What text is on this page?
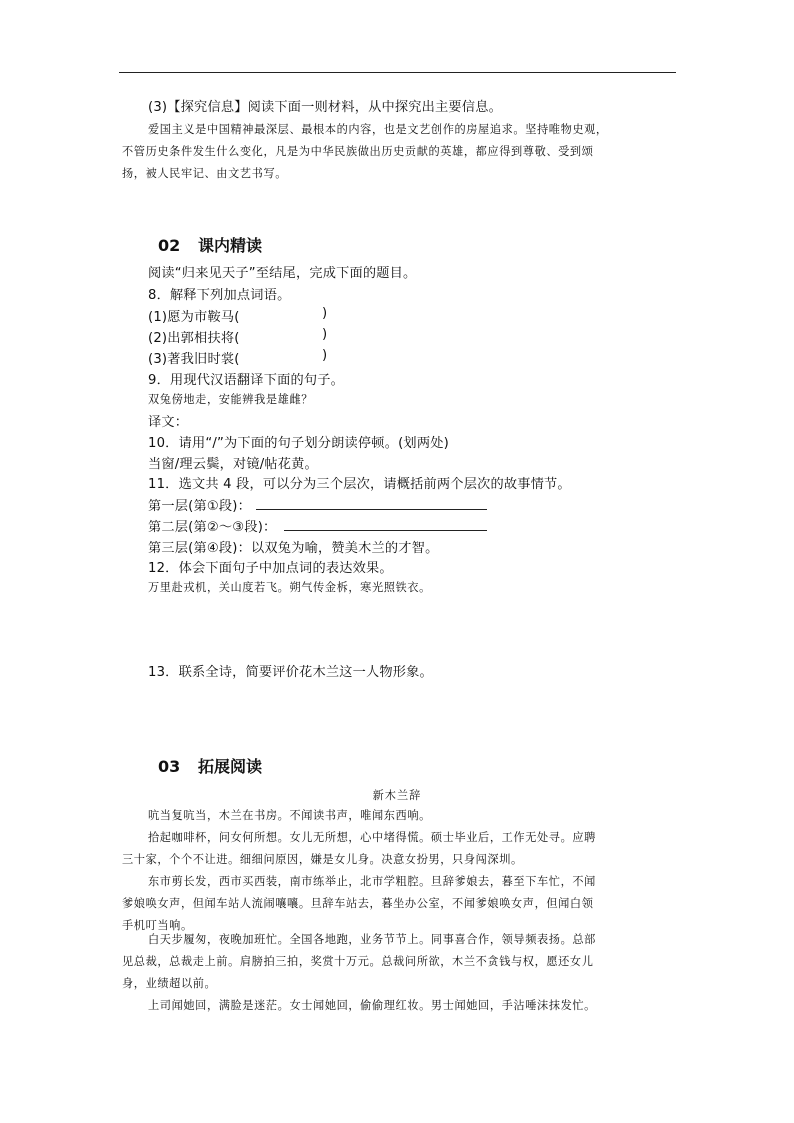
(3)【探究信息】阅读下面一则材料，从中探究出主要信息。
爱国主义是中国精神最深层、最根本的内容，也是文艺创作的房屋追求。坚持唯物史观，
不管历史条件发生什么变化，凡是为中华民族做出历史贡献的英雄，都应得到尊敬、受到颂
扬，被人民牢记、由文艺书写。
02 课内精读
阅读“归来见天子”至结尾，完成下面的题目。
8．解释下列加点词语。
(1)愿为市鞍马(	)
(2)出郭相扶将(	)
(3)著我旧时裳(	)
9．用现代汉语翻译下面的句子。
双兔傍地走，安能辨我是雄雌？
译文：
10．请用“/”为下面的句子划分朗读停顿。(划两处)
当窗/理云鬓，对镜/帖花黄。
11．选文共 4 段，可以分为三个层次，请概括前两个层次的故事情节。
第一层(第①段)：
第二层(第②～③段)：
第三层(第④段)：以双兔为喻，赞美木兰的才智。
12．体会下面句子中加点词的表达效果。
万里赴戎机，关山度若飞。朔气传金柝，寒光照铁衣。
13．联系全诗，简要评价花木兰这一人物形象。
03 拓展阅读
新木兰辞
吭当复吭当，木兰在书房。不闻读书声，唯闻东西响。
拾起咖啡杯，问女何所想。女儿无所想，心中堵得慌。硕士毕业后，工作无处寻。应聘
三十家，个个不让进。细细问原因，嫌是女儿身。决意女扮男，只身闯深圳。
东市剪长发，西市买西装，南市练举止，北市学粗腔。旦辞爹娘去，暮至下车忙，不闻
爹娘唤女声，但闻车站人流闹嚷嚷。旦辞车站去，暮坐办公室，不闻爹娘唤女声，但闻白领
手机叮当响。
白天步履匆，夜晚加班忙。全国各地跑，业务节节上。同事喜合作，领导频表扬。总部
见总裁，总裁走上前。肩膀拍三拍，奖赏十万元。总裁问所欲，木兰不贪钱与权，愿还女儿
身，业绩超以前。
上司闻她回，满脸是迷茫。女士闻她回，偷偷理红妆。男士闻她回，手沾唾沫抹发忙。
